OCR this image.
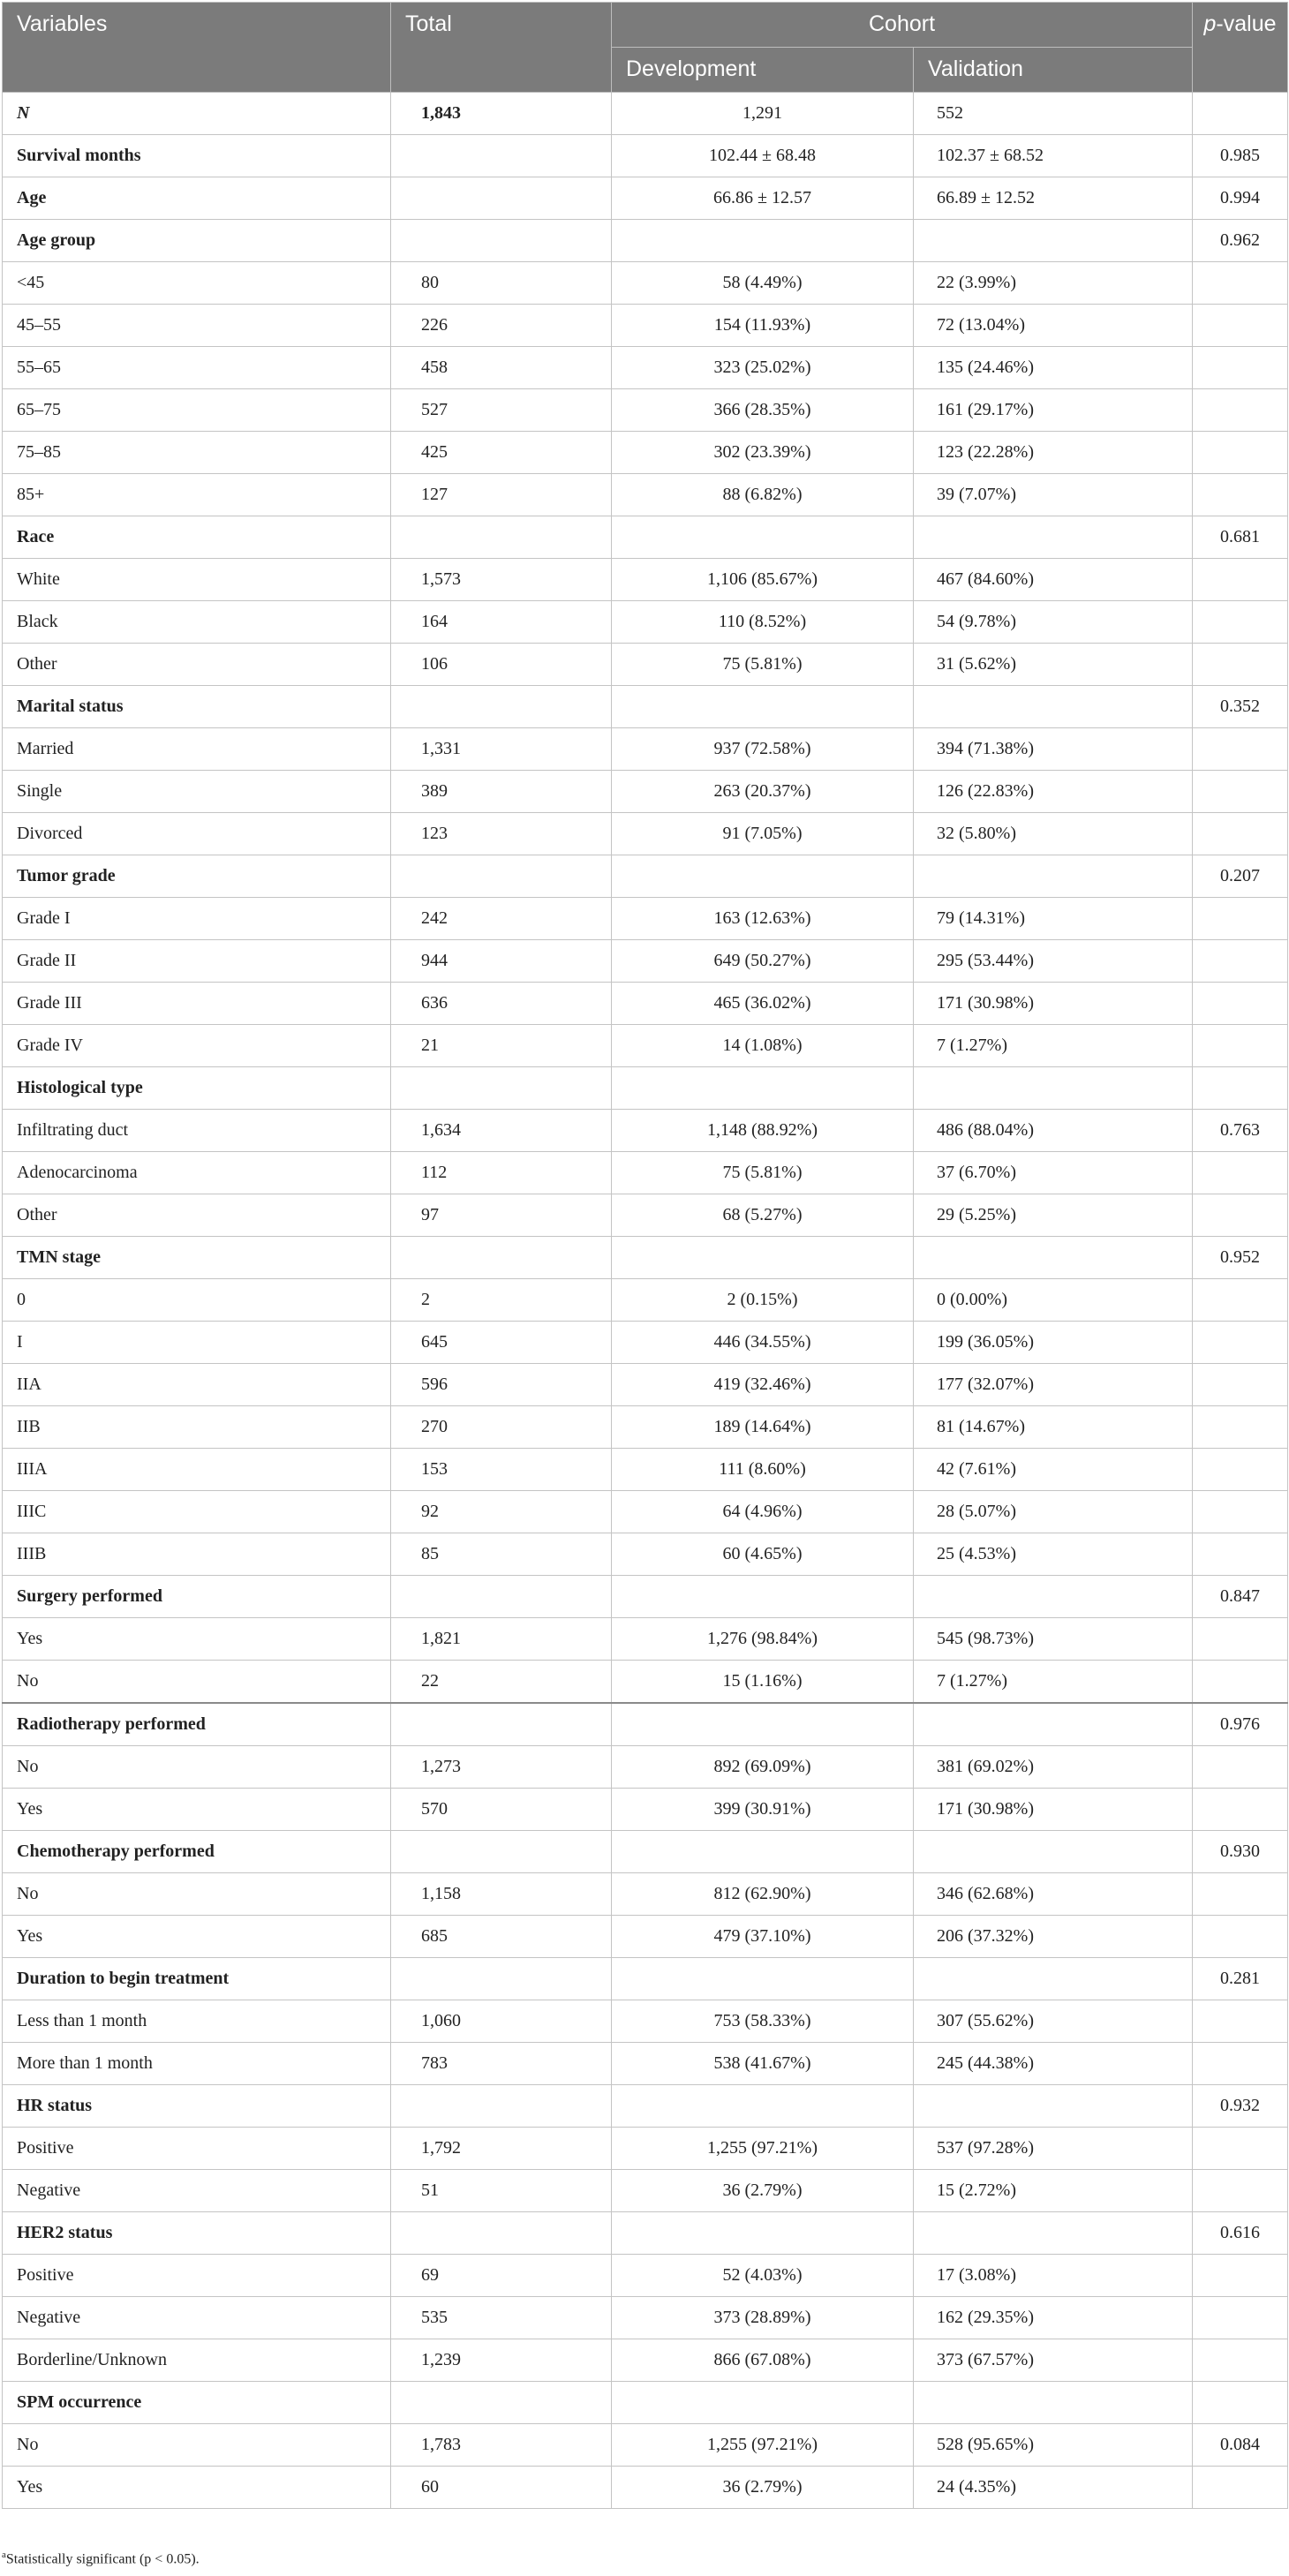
Variables	Total	Cohort		p-value
		Development	Validation	
N	1,843	1,291	552	
Survival months		102.44 ± 68.48	102.37 ± 68.52	0.985
Age		66.86 ± 12.57	66.89 ± 12.52	0.994
Age group				0.962
<45	80	58 (4.49%)	22 (3.99%)	
45–55	226	154 (11.93%)	72 (13.04%)	
55–65	458	323 (25.02%)	135 (24.46%)	
65–75	527	366 (28.35%)	161 (29.17%)	
75–85	425	302 (23.39%)	123 (22.28%)	
85+	127	88 (6.82%)	39 (7.07%)	
Race				0.681
White	1,573	1,106 (85.67%)	467 (84.60%)	
Black	164	110 (8.52%)	54 (9.78%)	
Other	106	75 (5.81%)	31 (5.62%)	
Marital status				0.352
Married	1,331	937 (72.58%)	394 (71.38%)	
Single	389	263 (20.37%)	126 (22.83%)	
Divorced	123	91 (7.05%)	32 (5.80%)	
Tumor grade				0.207
Grade I	242	163 (12.63%)	79 (14.31%)	
Grade II	944	649 (50.27%)	295 (53.44%)	
Grade III	636	465 (36.02%)	171 (30.98%)	
Grade IV	21	14 (1.08%)	7 (1.27%)	
Histological type				
Infiltrating duct	1,634	1,148 (88.92%)	486 (88.04%)	0.763
Adenocarcinoma	112	75 (5.81%)	37 (6.70%)	
Other	97	68 (5.27%)	29 (5.25%)	
TMN stage				0.952
0	2	2 (0.15%)	0 (0.00%)	
I	645	446 (34.55%)	199 (36.05%)	
IIA	596	419 (32.46%)	177 (32.07%)	
IIB	270	189 (14.64%)	81 (14.67%)	
IIIA	153	111 (8.60%)	42 (7.61%)	
IIIC	92	64 (4.96%)	28 (5.07%)	
IIIB	85	60 (4.65%)	25 (4.53%)	
Surgery performed				0.847
Yes	1,821	1,276 (98.84%)	545 (98.73%)	
No	22	15 (1.16%)	7 (1.27%)	
Radiotherapy performed				0.976
No	1,273	892 (69.09%)	381 (69.02%)	
Yes	570	399 (30.91%)	171 (30.98%)	
Chemotherapy performed				0.930
No	1,158	812 (62.90%)	346 (62.68%)	
Yes	685	479 (37.10%)	206 (37.32%)	
Duration to begin treatment				0.281
Less than 1 month	1,060	753 (58.33%)	307 (55.62%)	
More than 1 month	783	538 (41.67%)	245 (44.38%)	
HR status				0.932
Positive	1,792	1,255 (97.21%)	537 (97.28%)	
Negative	51	36 (2.79%)	15 (2.72%)	
HER2 status				0.616
Positive	69	52 (4.03%)	17 (3.08%)	
Negative	535	373 (28.89%)	162 (29.35%)	
Borderline/Unknown	1,239	866 (67.08%)	373 (67.57%)	
SPM occurrence				
No	1,783	1,255 (97.21%)	528 (95.65%)	0.084
Yes	60	36 (2.79%)	24 (4.35%)	
$^a$Statistically significant (p < 0.05).
